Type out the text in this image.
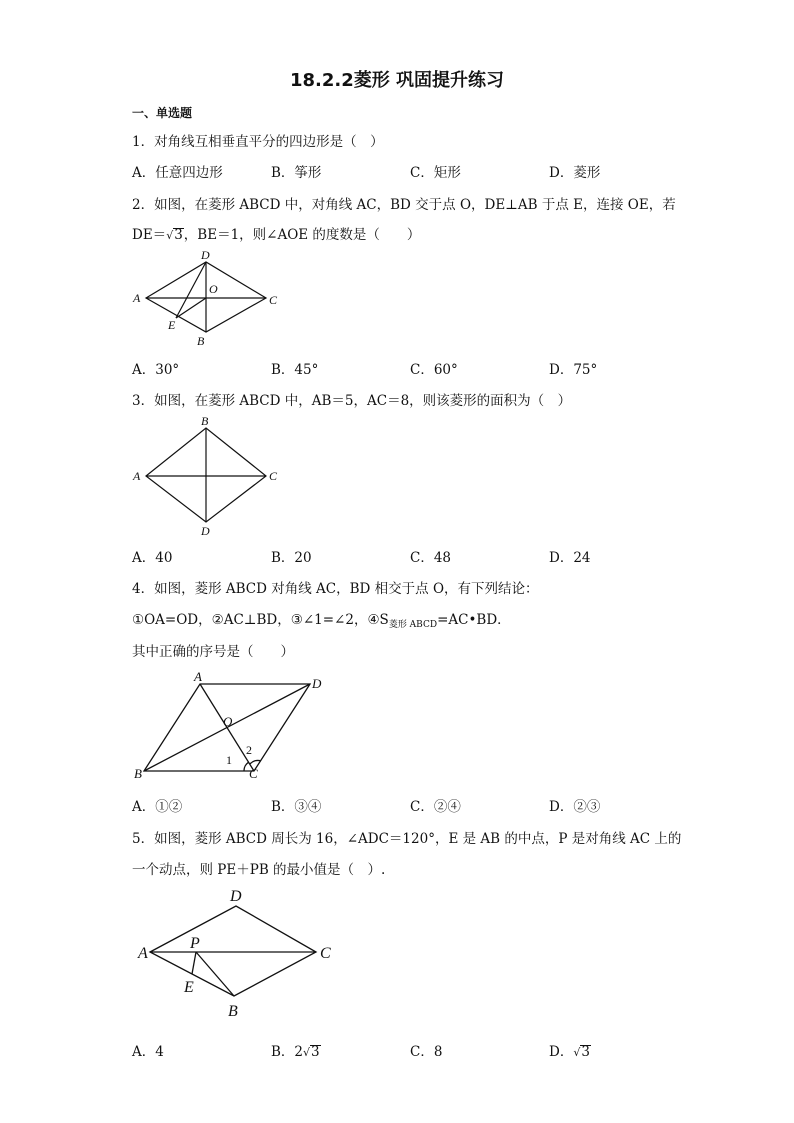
18.2.2菱形 巩固提升练习
一、单选题
1．对角线互相垂直平分的四边形是（　）
A．任意四边形	B．筝形	C．矩形	D．菱形
2．如图，在菱形 ABCD 中，对角线 AC，BD 交于点 O，DE⊥AB 于点 E，连接 OE，若
DE＝√3，BE＝1，则∠AOE 的度数是（　　）
A
D
C
B
E
O
A．30°	B．45°	C．60°	D．75°
3．如图，在菱形 ABCD 中，AB＝5，AC＝8，则该菱形的面积为（　）
A
B
C
D
A．40	B．20	C．48	D．24
4．如图，菱形 ABCD 对角线 AC，BD 相交于点 O，有下列结论：
①OA=OD，②AC⊥BD，③∠1=∠2，$④S_{菱形 ABCD}=AC•BD$．
其中正确的序号是（　　）
A	D
B	C
O
1
2
A．①②	B．③④	C．②④	D．②③
5．如图，菱形 ABCD 周长为 16，∠ADC＝120°，E 是 AB 的中点，P 是对角线 AC 上的
一个动点，则 PE＋PB 的最小值是（　）.
A
D
C
B
E
P
A．4	B．2√3	C．8	D．√3
